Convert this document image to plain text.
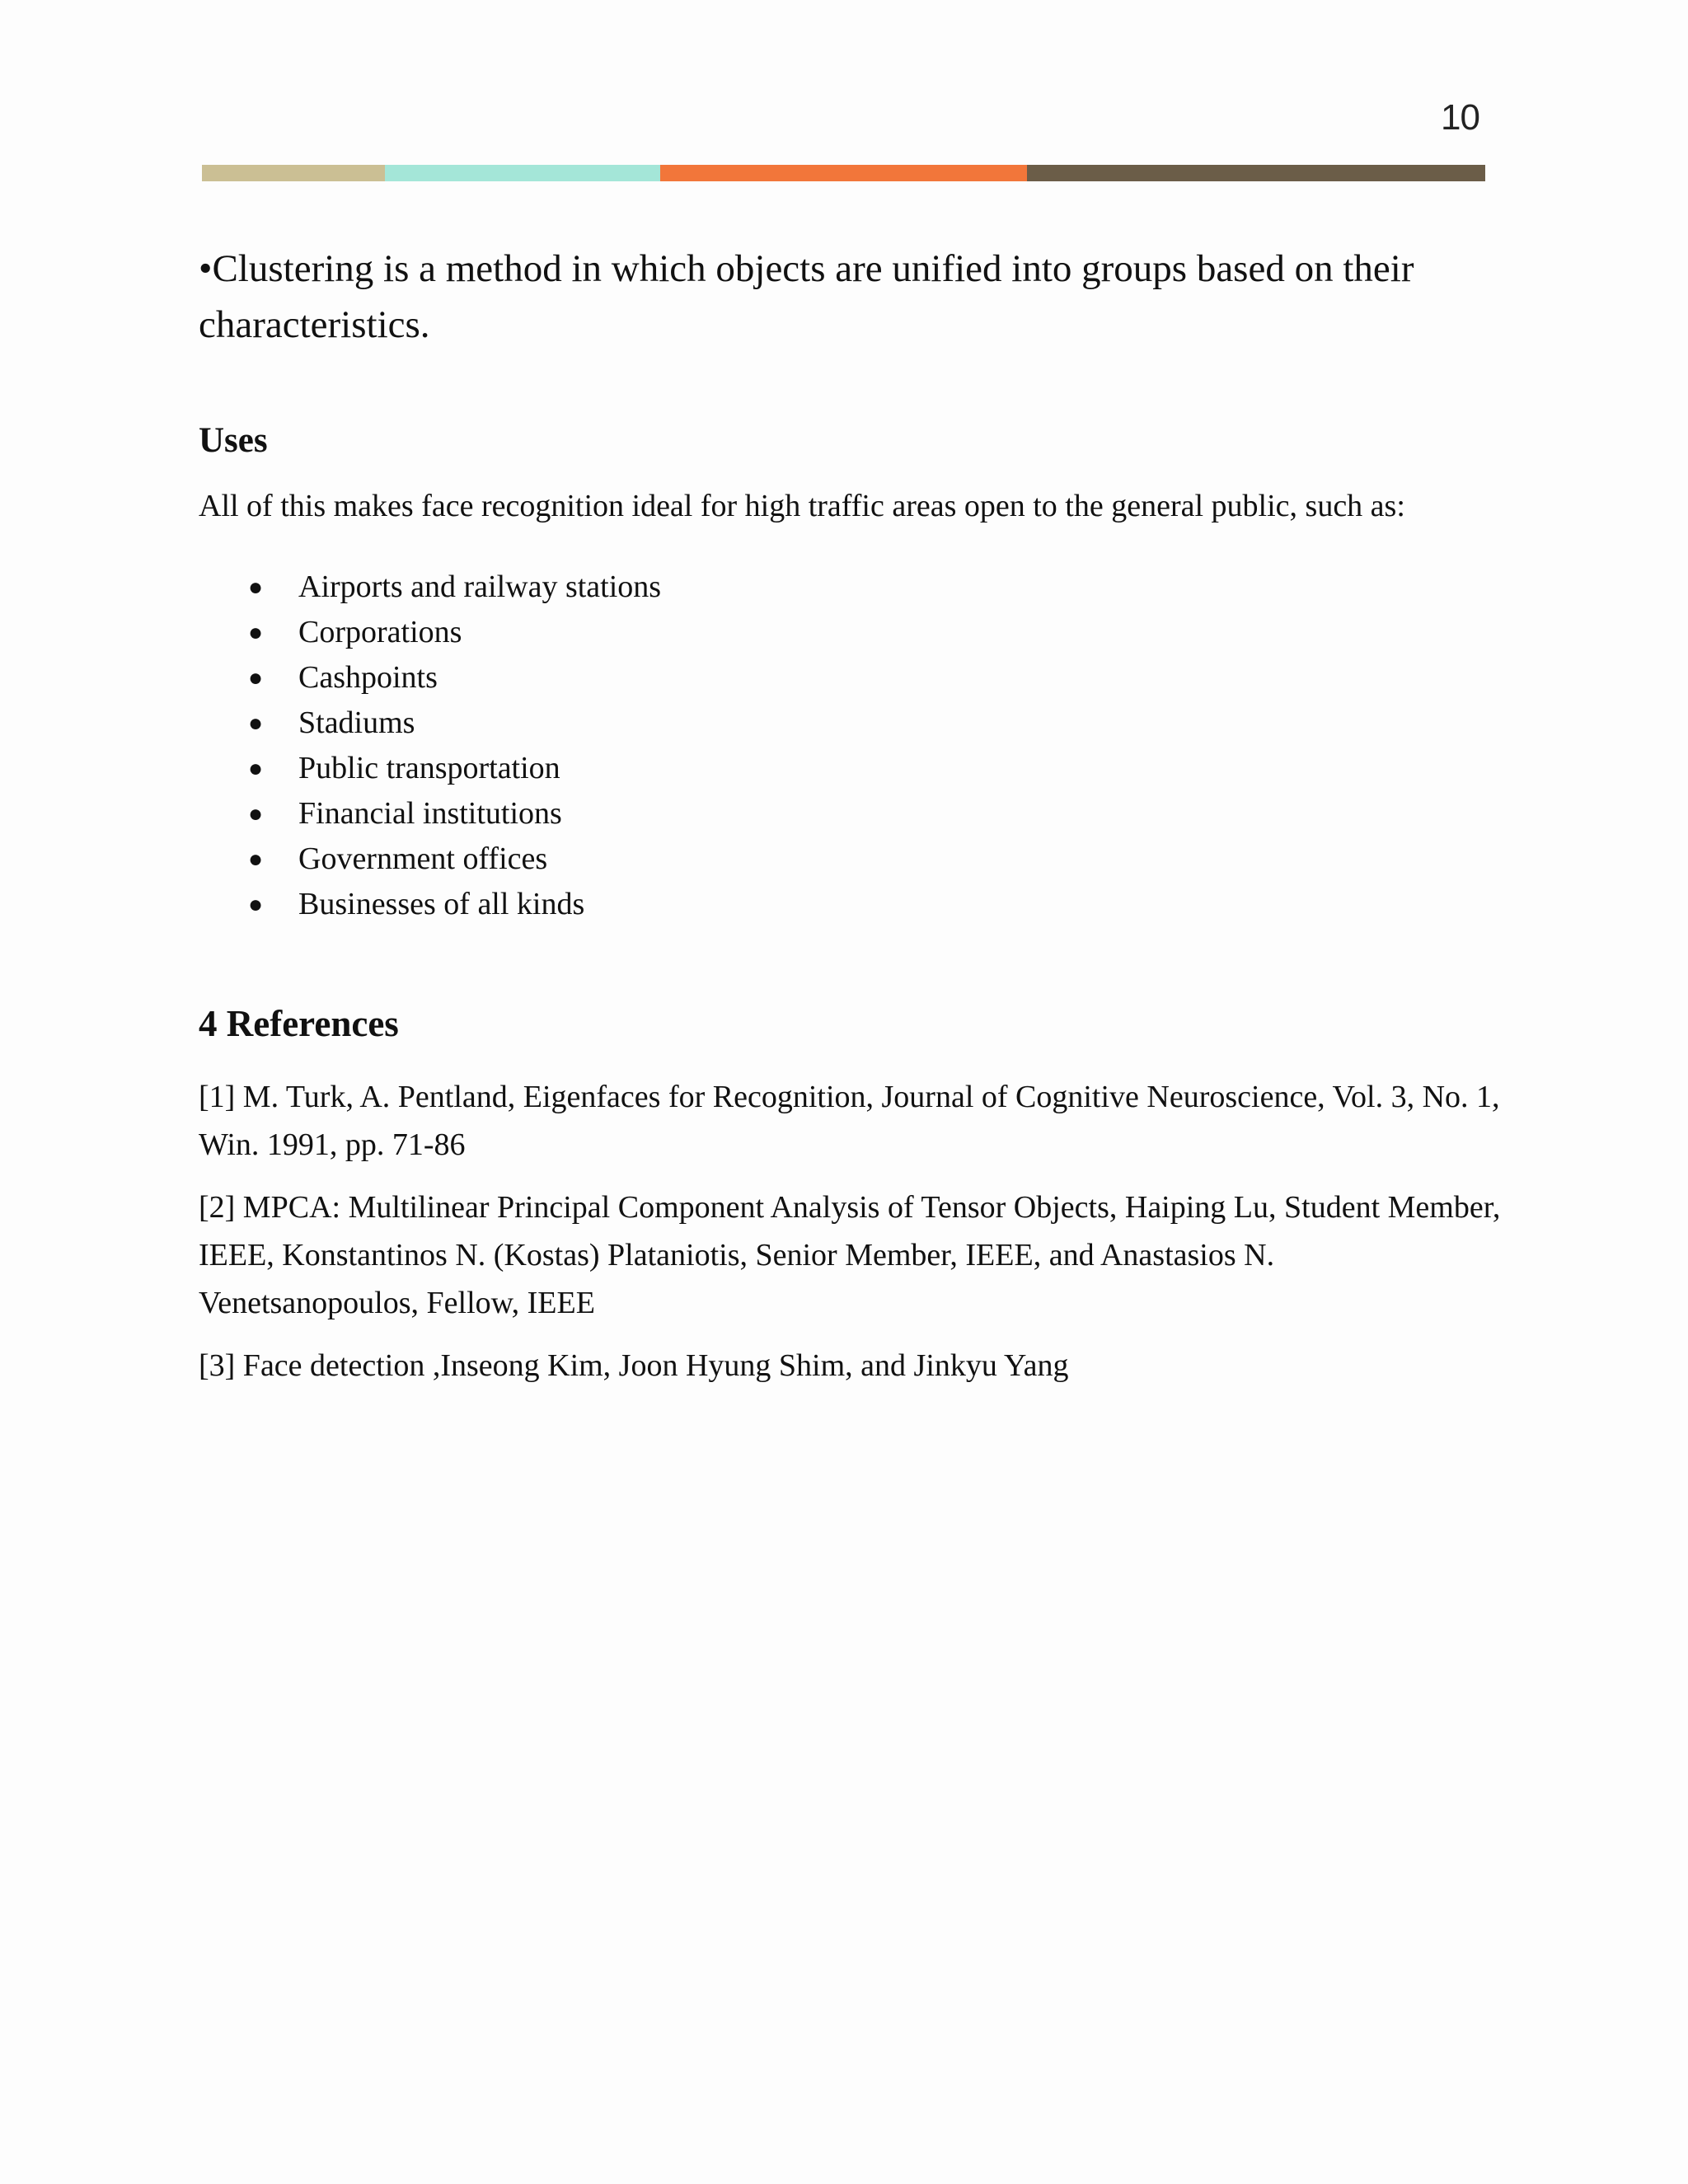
10

•Clustering is a method in which objects are unified into groups based on their characteristics.

Uses

All of this makes face recognition ideal for high traffic areas open to the general public, such as:

●	Airports and railway stations
●	Corporations
●	Cashpoints
●	Stadiums
●	Public transportation
●	Financial institutions
●	Government offices
●	Businesses of all kinds
4 References

[1] M. Turk, A. Pentland, Eigenfaces for Recognition, Journal of Cognitive Neuroscience, Vol. 3, No. 1, Win. 1991, pp. 71-86

[2] MPCA: Multilinear Principal Component Analysis of Tensor Objects, Haiping Lu, Student Member, IEEE, Konstantinos N. (Kostas) Plataniotis, Senior Member, IEEE, and Anastasios N. Venetsanopoulos, Fellow, IEEE

[3] Face detection ,Inseong Kim, Joon Hyung Shim, and Jinkyu Yang
